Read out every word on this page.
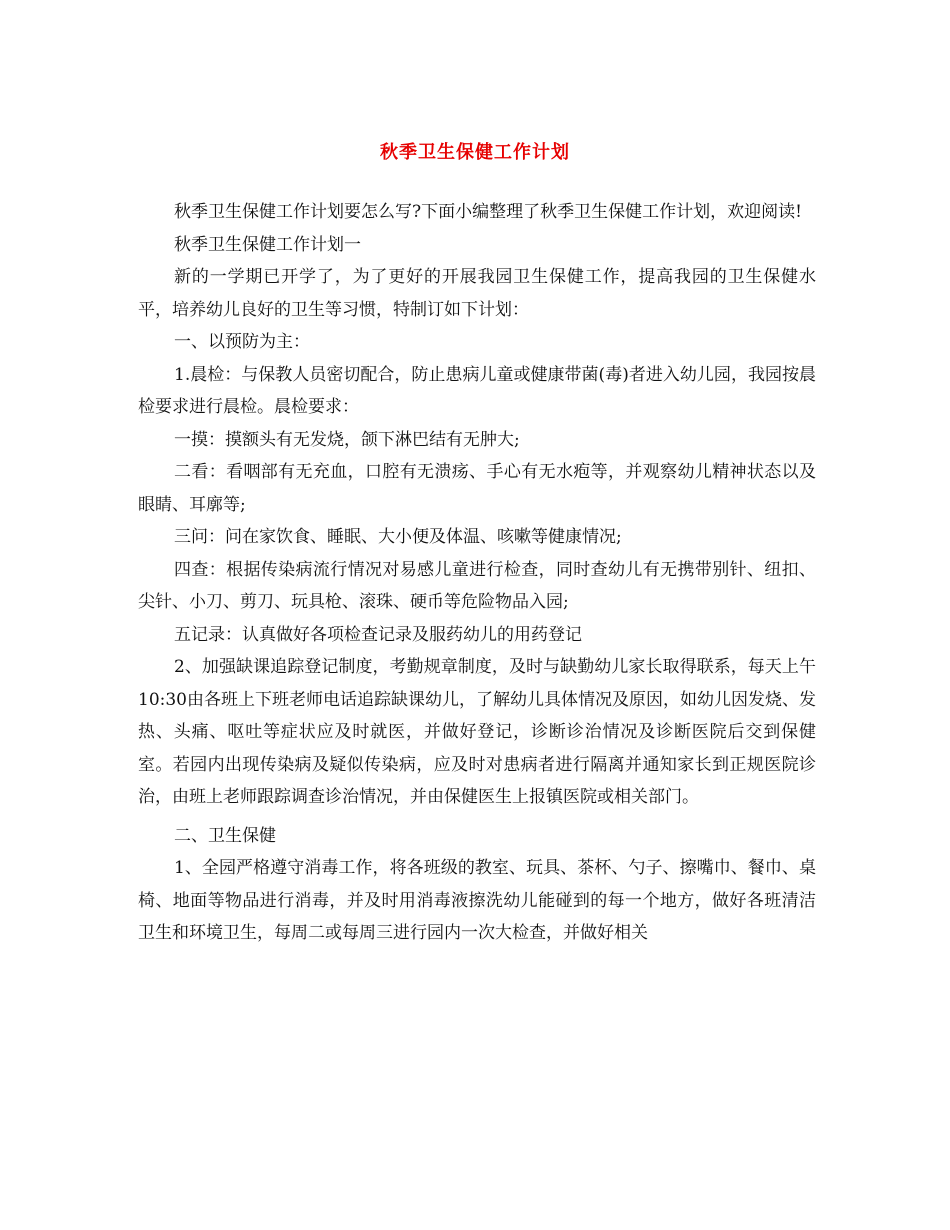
秋季卫生保健工作计划

秋季卫生保健工作计划要怎么写?下面小编整理了秋季卫生保健工作计划，欢迎阅读!

秋季卫生保健工作计划一

新的一学期已开学了，为了更好的开展我园卫生保健工作，提高我园的卫生保健水平，培养幼儿良好的卫生等习惯，特制订如下计划：

一、以预防为主：

1.晨检：与保教人员密切配合，防止患病儿童或健康带菌(毒)者进入幼儿园，我园按晨检要求进行晨检。晨检要求：

一摸：摸额头有无发烧，颌下淋巴结有无肿大;

二看：看咽部有无充血，口腔有无溃疡、手心有无水疱等，并观察幼儿精神状态以及眼睛、耳廓等;

三问：问在家饮食、睡眠、大小便及体温、咳嗽等健康情况;

四查：根据传染病流行情况对易感儿童进行检查，同时查幼儿有无携带别针、纽扣、尖针、小刀、剪刀、玩具枪、滚珠、硬币等危险物品入园;

五记录：认真做好各项检查记录及服药幼儿的用药登记

2、加强缺课追踪登记制度，考勤规章制度，及时与缺勤幼儿家长取得联系，每天上午10:30由各班上下班老师电话追踪缺课幼儿，了解幼儿具体情况及原因，如幼儿因发烧、发热、头痛、呕吐等症状应及时就医，并做好登记，诊断诊治情况及诊断医院后交到保健室。若园内出现传染病及疑似传染病，应及时对患病者进行隔离并通知家长到正规医院诊治，由班上老师跟踪调查诊治情况，并由保健医生上报镇医院或相关部门。

二、卫生保健

1、全园严格遵守消毒工作，将各班级的教室、玩具、茶杯、勺子、擦嘴巾、餐巾、桌椅、地面等物品进行消毒，并及时用消毒液擦洗幼儿能碰到的每一个地方，做好各班清洁卫生和环境卫生，每周二或每周三进行园内一次大检查，并做好相关
